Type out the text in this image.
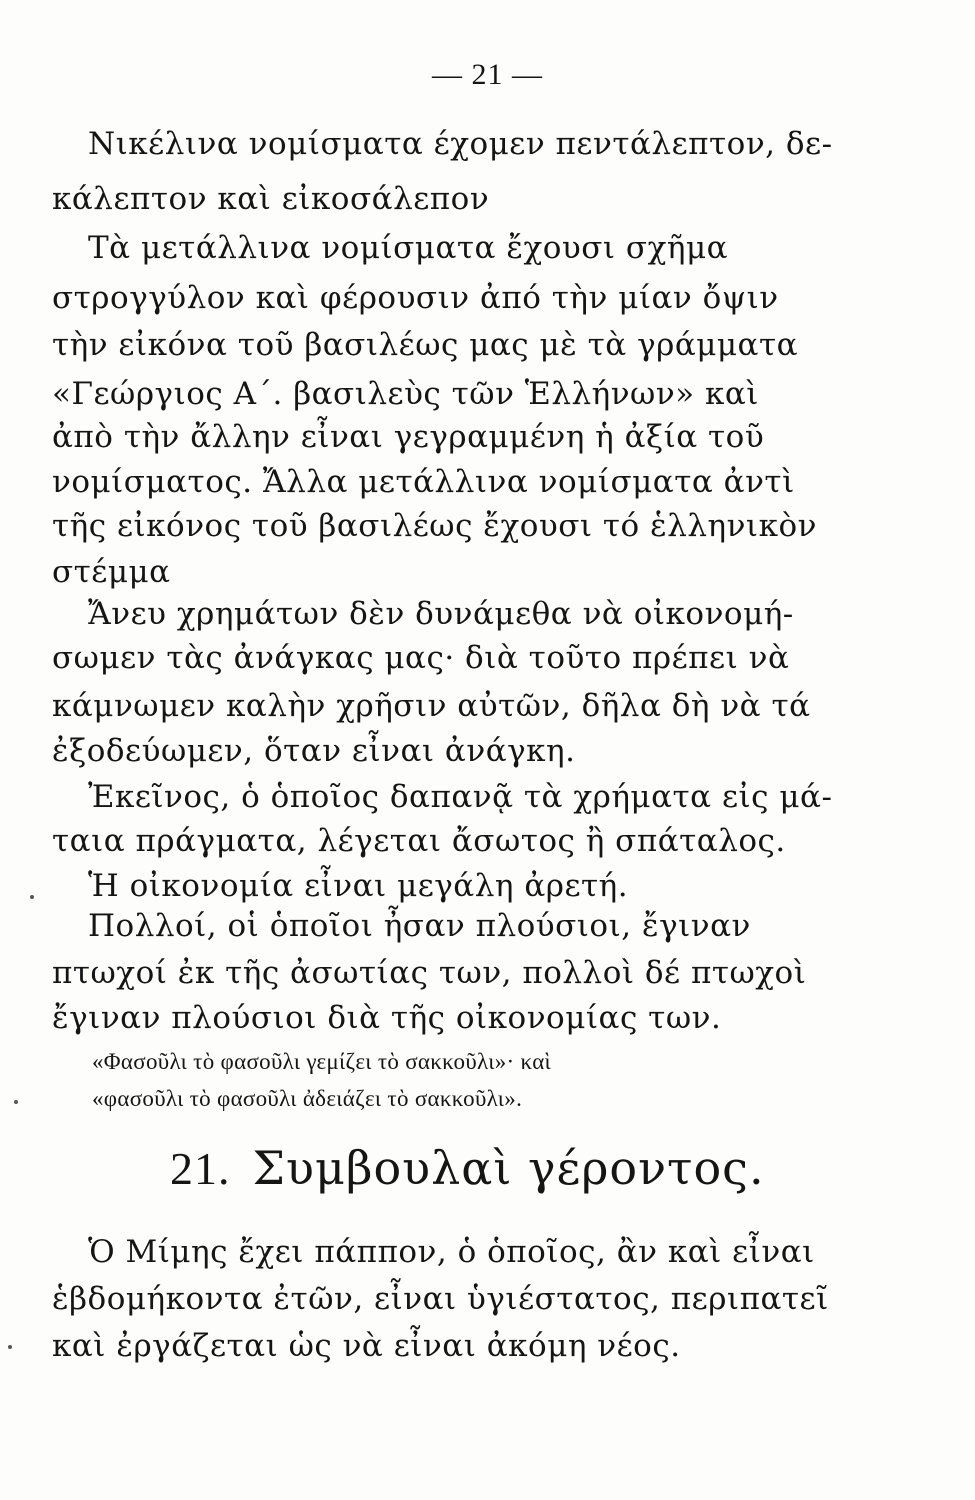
— 21 —
Νικέλινα νομίσματα έχομεν πεντάλεπτον, δε-
κάλεπτον καὶ εἰκοσάλεπον
Τὰ μετάλλινα νομίσματα ἔχουσι σχῆμα
στρογγύλον καὶ φέρουσιν ἀπό τὴν μίαν ὄψιν
τὴν εἰκόνα τοῦ βασιλέως μας μὲ τὰ γράμματα
«Γεώργιος Α΄. βασιλεὺς τῶν Ἑλλήνων» καὶ
ἀπὸ τὴν ἄλλην εἶναι γεγραμμένη ἡ ἀξία τοῦ
νομίσματος. Ἄλλα μετάλλινα νομίσματα ἀντὶ
τῆς εἰκόνος τοῦ βασιλέως ἔχουσι τό ἑλληνικὸν
στέμμα
Ἄνευ χρημάτων δὲν δυνάμεθα νὰ οἰκονομή-
σωμεν τὰς ἀνάγκας μας· διὰ τοῦτο πρέπει νὰ
κάμνωμεν καλὴν χρῆσιν αὐτῶν, δῆλα δὴ νὰ τά
ἐξοδεύωμεν, ὅταν εἶναι ἀνάγκη.
Ἐκεῖνος, ὁ ὁποῖος δαπανᾷ τὰ χρήματα εἰς μά-
ταια πράγματα, λέγεται ἄσωτος ἢ σπάταλος.
Ἡ οἰκονομία εἶναι μεγάλη ἀρετή.
Πολλοί, οἱ ὁποῖοι ἦσαν πλούσιοι, ἔγιναν
πτωχοί ἐκ τῆς ἀσωτίας των, πολλοὶ δέ πτωχοὶ
ἔγιναν πλούσιοι διὰ τῆς οἰκονομίας των.
«Φασοῦλι τὸ φασοῦλι γεμίζει τὸ σακκοῦλι»· καὶ
«φασοῦλι τὸ φασοῦλι ἀδειάζει τὸ σακκοῦλι».
21. Συμβουλαὶ γέροντος.
Ὁ Μίμης ἔχει πάππον, ὁ ὁποῖος, ἂν καὶ εἶναι
ἑβδομήκοντα ἐτῶν, εἶναι ὑγιέστατος, περιπατεῖ
καὶ ἐργάζεται ὡς νὰ εἶναι ἀκόμη νέος.
